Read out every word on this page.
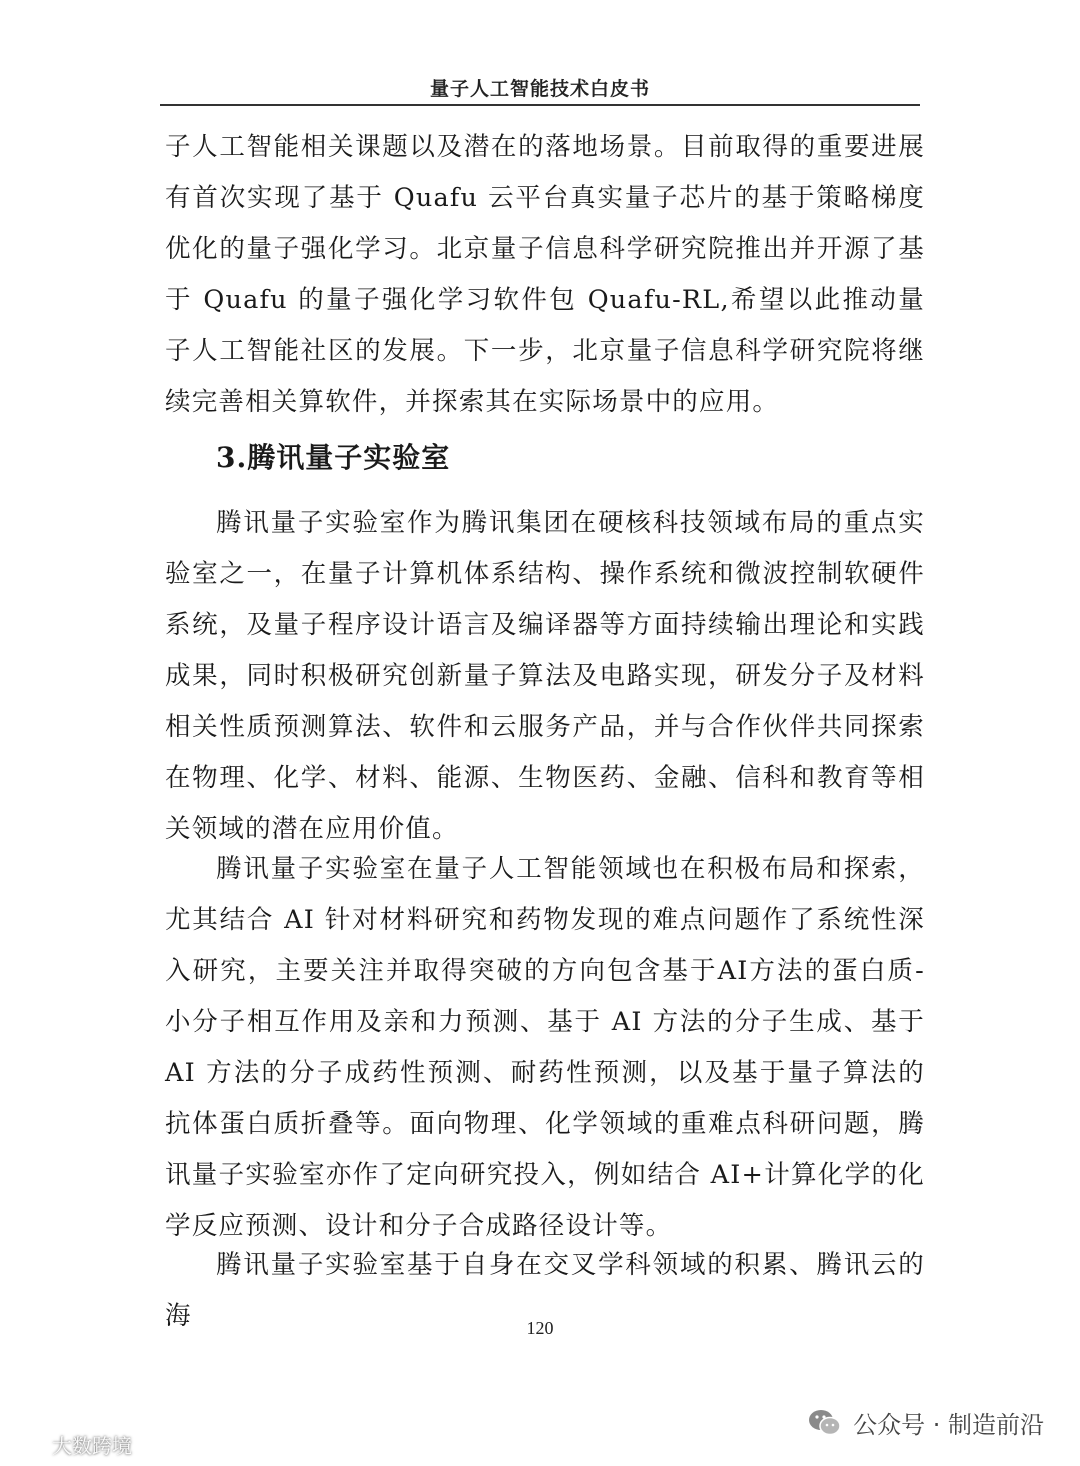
量子人工智能技术白皮书

子人工智能相关课题以及潜在的落地场景。目前取得的重要进展有首次实现了基于 Quafu 云平台真实量子芯片的基于策略梯度优化的量子强化学习。北京量子信息科学研究院推出并开源了基于 Quafu 的量子强化学习软件包 Quafu-RL,希望以此推动量子人工智能社区的发展。下一步，北京量子信息科学研究院将继续完善相关算软件，并探索其在实际场景中的应用。

3.腾讯量子实验室

腾讯量子实验室作为腾讯集团在硬核科技领域布局的重点实验室之一，在量子计算机体系结构、操作系统和微波控制软硬件系统，及量子程序设计语言及编译器等方面持续输出理论和实践成果，同时积极研究创新量子算法及电路实现，研发分子及材料相关性质预测算法、软件和云服务产品，并与合作伙伴共同探索在物理、化学、材料、能源、生物医药、金融、信科和教育等相关领域的潜在应用价值。

腾讯量子实验室在量子人工智能领域也在积极布局和探索，尤其结合 AI 针对材料研究和药物发现的难点问题作了系统性深入研究，主要关注并取得突破的方向包含基于AI方法的蛋白质-小分子相互作用及亲和力预测、基于 AI 方法的分子生成、基于 AI 方法的分子成药性预测、耐药性预测，以及基于量子算法的抗体蛋白质折叠等。面向物理、化学领域的重难点科研问题，腾讯量子实验室亦作了定向研究投入，例如结合 AI+计算化学的化学反应预测、设计和分子合成路径设计等。

腾讯量子实验室基于自身在交叉学科领域的积累、腾讯云的海	120
公众号 · 制造前沿
大数跨境
